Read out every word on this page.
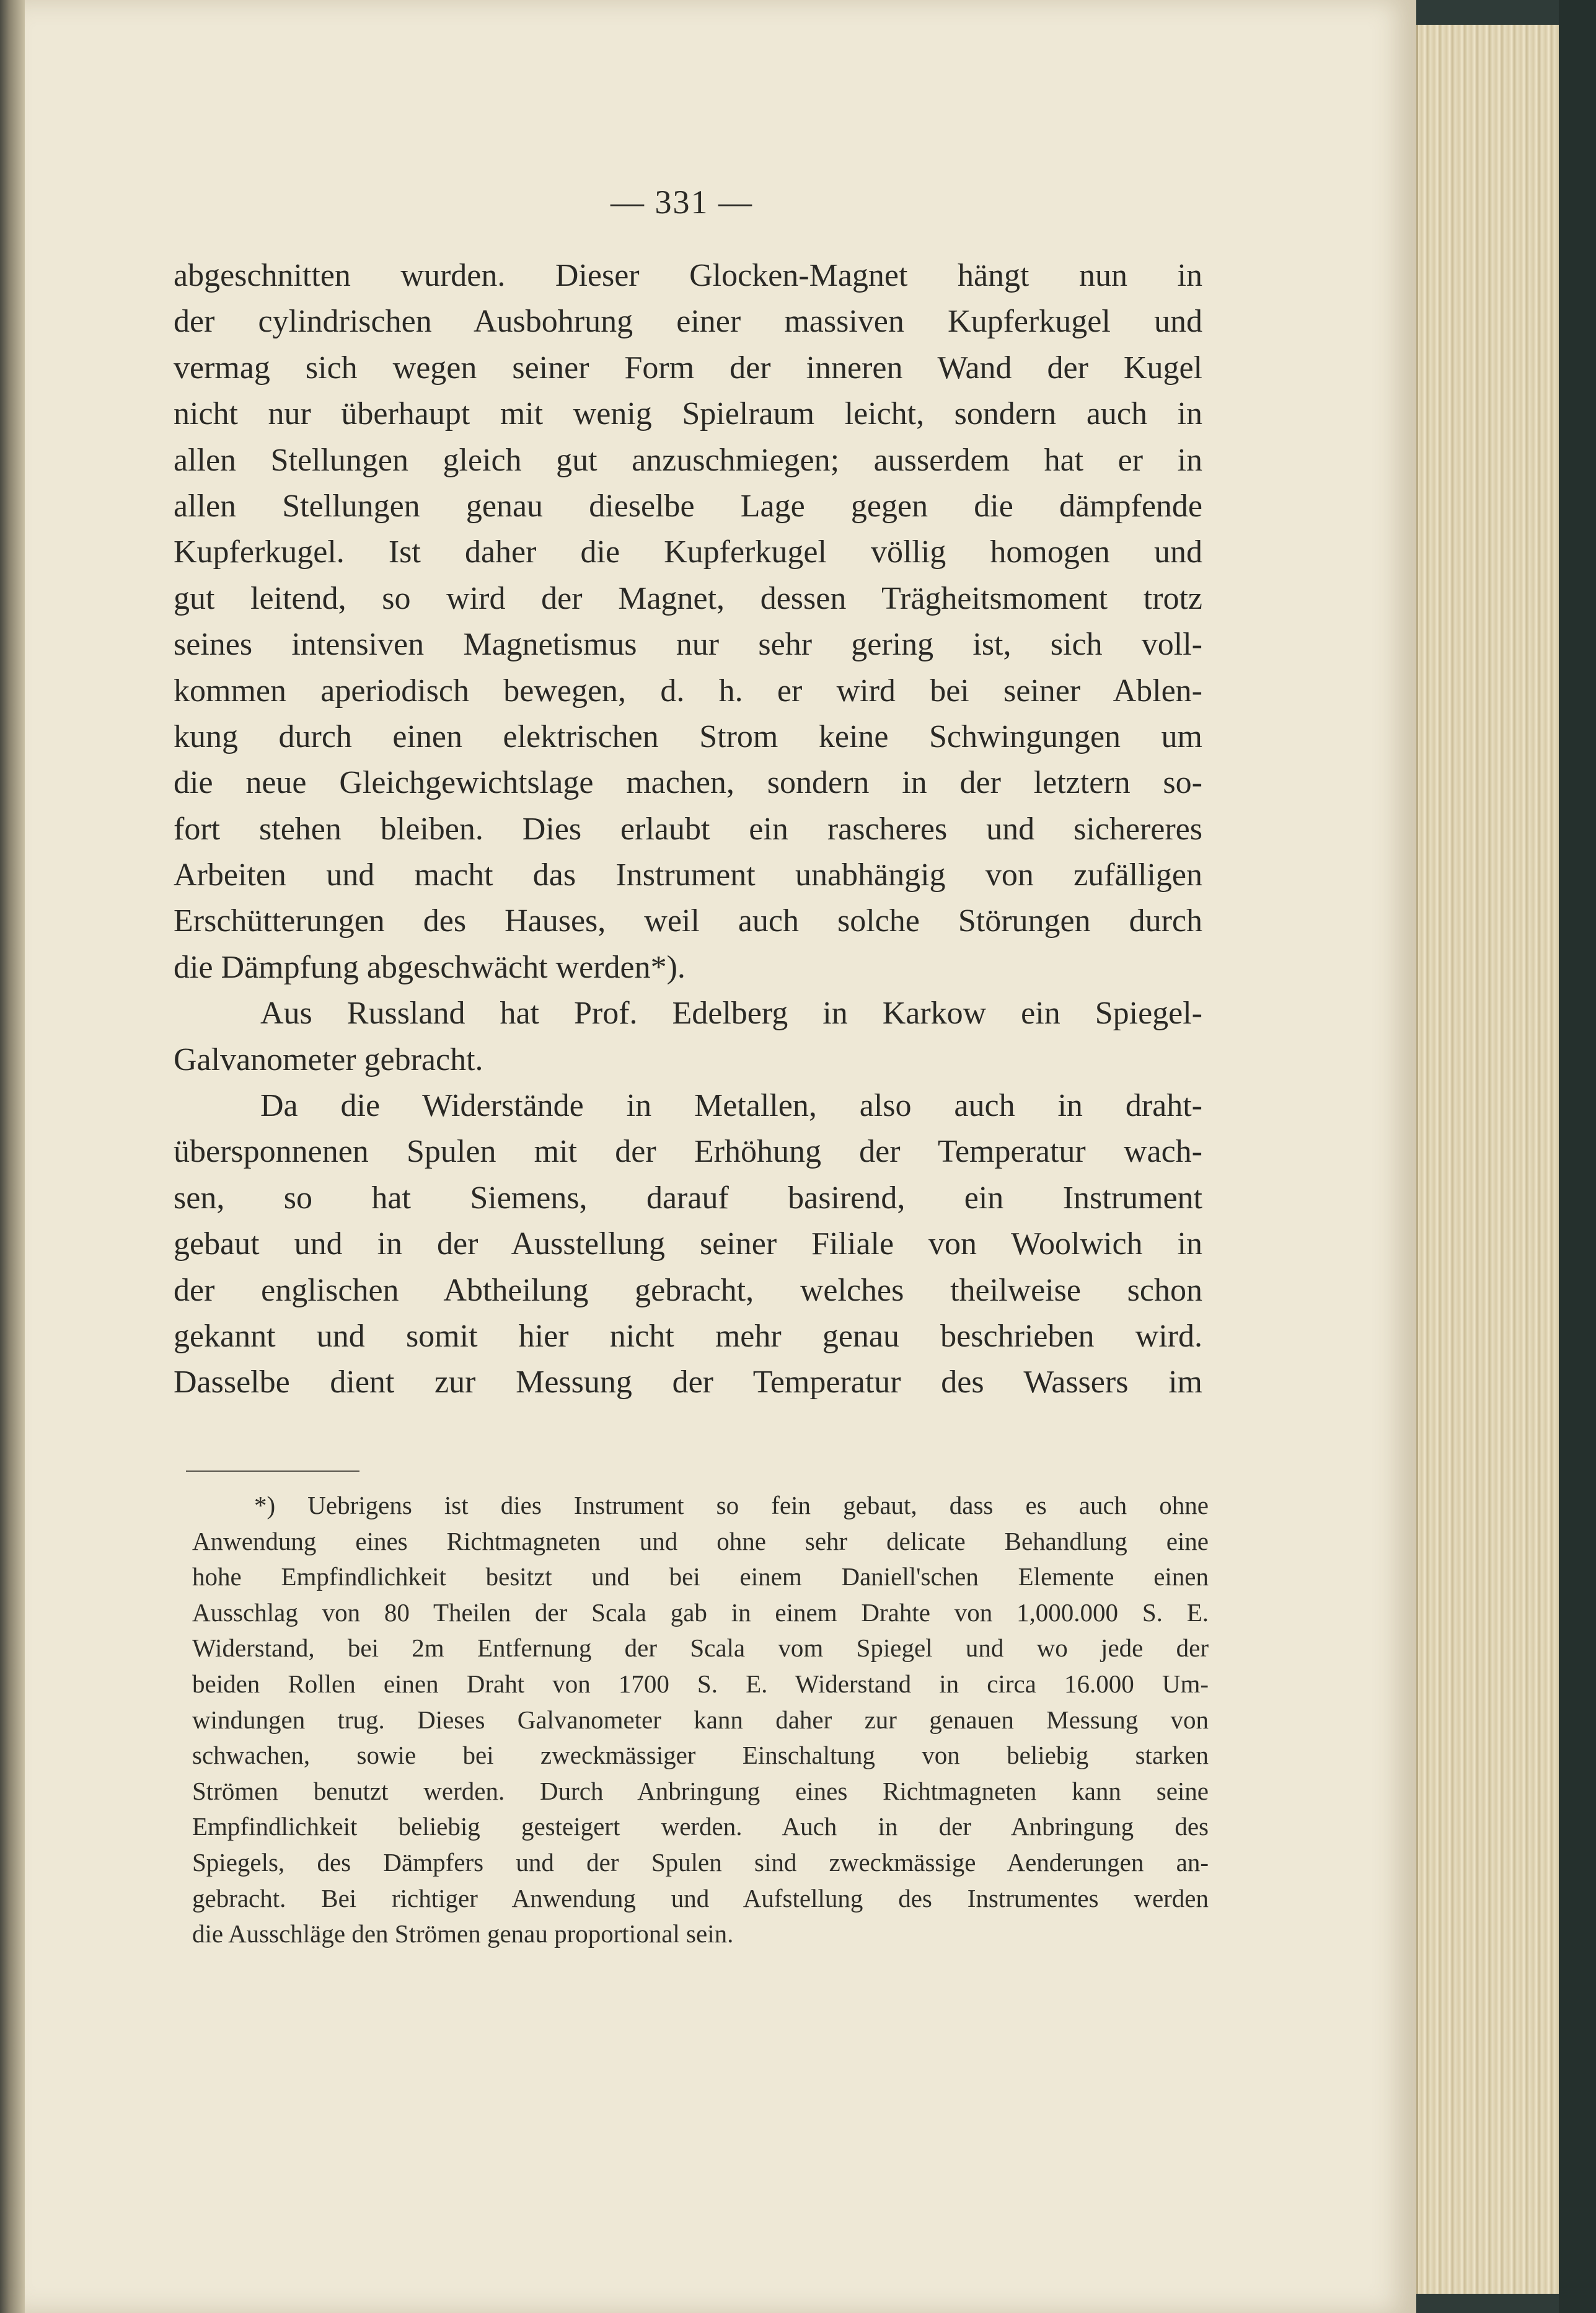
— 331 —
abgeschnitten wurden. Dieser Glocken-Magnet hängt nun in
der cylindrischen Ausbohrung einer massiven Kupferkugel und
vermag sich wegen seiner Form der inneren Wand der Kugel
nicht nur überhaupt mit wenig Spielraum leicht, sondern auch in
allen Stellungen gleich gut anzuschmiegen; ausserdem hat er in
allen Stellungen genau dieselbe Lage gegen die dämpfende
Kupferkugel. Ist daher die Kupferkugel völlig homogen und
gut leitend, so wird der Magnet, dessen Trägheitsmoment trotz
seines intensiven Magnetismus nur sehr gering ist, sich voll-
kommen aperiodisch bewegen, d. h. er wird bei seiner Ablen-
kung durch einen elektrischen Strom keine Schwingungen um
die neue Gleichgewichtslage machen, sondern in der letztern so-
fort stehen bleiben. Dies erlaubt ein rascheres und sichereres
Arbeiten und macht das Instrument unabhängig von zufälligen
Erschütterungen des Hauses, weil auch solche Störungen durch
die Dämpfung abgeschwächt werden*).
Aus Russland hat Prof. Edelberg in Karkow ein Spiegel-
Galvanometer gebracht.
Da die Widerstände in Metallen, also auch in draht-
übersponnenen Spulen mit der Erhöhung der Temperatur wach-
sen, so hat Siemens, darauf basirend, ein Instrument
gebaut und in der Ausstellung seiner Filiale von Woolwich in
der englischen Abtheilung gebracht, welches theilweise schon
gekannt und somit hier nicht mehr genau beschrieben wird.
Dasselbe dient zur Messung der Temperatur des Wassers im
*) Uebrigens ist dies Instrument so fein gebaut, dass es auch ohne
Anwendung eines Richtmagneten und ohne sehr delicate Behandlung eine
hohe Empfindlichkeit besitzt und bei einem Daniell'schen Elemente einen
Ausschlag von 80 Theilen der Scala gab in einem Drahte von 1,000.000 S. E.
Widerstand, bei 2m Entfernung der Scala vom Spiegel und wo jede der
beiden Rollen einen Draht von 1700 S. E. Widerstand in circa 16.000 Um-
windungen trug. Dieses Galvanometer kann daher zur genauen Messung von
schwachen, sowie bei zweckmässiger Einschaltung von beliebig starken
Strömen benutzt werden. Durch Anbringung eines Richtmagneten kann seine
Empfindlichkeit beliebig gesteigert werden. Auch in der Anbringung des
Spiegels, des Dämpfers und der Spulen sind zweckmässige Aenderungen an-
gebracht. Bei richtiger Anwendung und Aufstellung des Instrumentes werden
die Ausschläge den Strömen genau proportional sein.
